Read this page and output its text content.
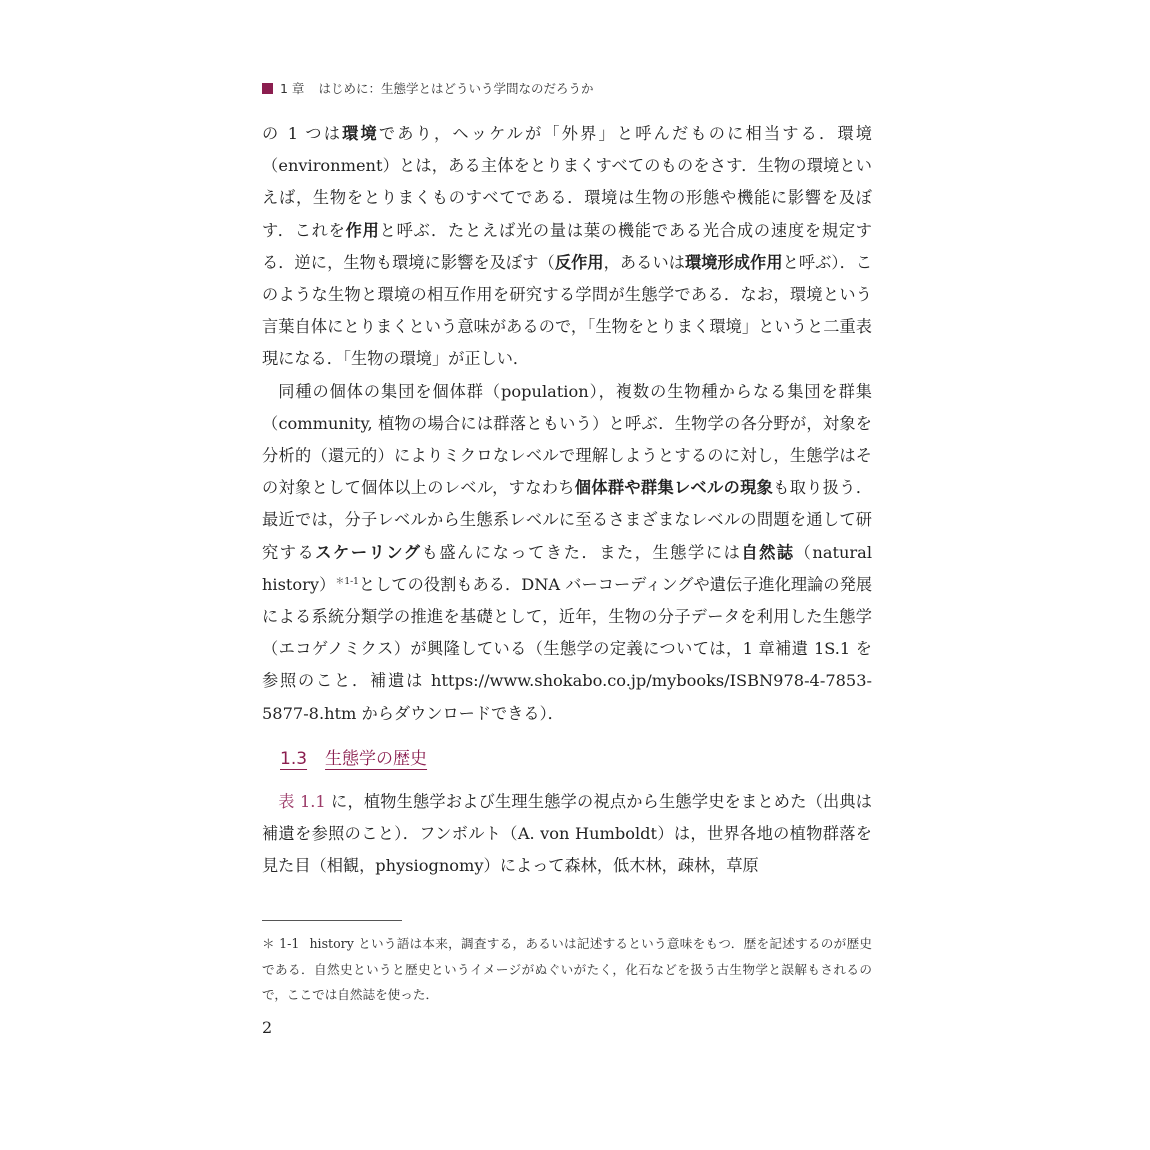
1 章 はじめに：生態学とはどういう学問なのだろうか

の 1 つは環境であり，ヘッケルが「外界」と呼んだものに相当する．環境（environment）とは，ある主体をとりまくすべてのものをさす．生物の環境といえば，生物をとりまくものすべてである．環境は生物の形態や機能に影響を及ぼす．これを作用と呼ぶ．たとえば光の量は葉の機能である光合成の速度を規定する．逆に，生物も環境に影響を及ぼす（反作用，あるいは環境形成作用と呼ぶ）．このような生物と環境の相互作用を研究する学問が生態学である．なお，環境という言葉自体にとりまくという意味があるので，「生物をとりまく環境」というと二重表現になる．「生物の環境」が正しい．

同種の個体の集団を個体群（population），複数の生物種からなる集団を群集（community, 植物の場合には群落ともいう）と呼ぶ．生物学の各分野が，対象を分析的（還元的）によりミクロなレベルで理解しようとするのに対し，生態学はその対象として個体以上のレベル，すなわち個体群や群集レベルの現象も取り扱う．最近では，分子レベルから生態系レベルに至るさまざまなレベルの問題を通して研究するスケーリングも盛んになってきた．また，生態学には自然誌（natural history）$^{*1-1}$としての役割もある．DNA バーコーディングや遺伝子進化理論の発展による系統分類学の推進を基礎として，近年，生物の分子データを利用した生態学（エコゲノミクス）が興隆している（生態学の定義については，1 章補遺 1S.1 を参照のこと．補遺は https://www.shokabo.co.jp/mybooks/ISBN978-4-7853-5877-8.htm からダウンロードできる）．

1.3 生態学の歴史

表 1.1 に，植物生態学および生理生態学の視点から生態学史をまとめた（出典は補遺を参照のこと）．フンボルト（A. von Humboldt）は，世界各地の植物群落を見た目（相観，physiognomy）によって森林，低木林，疎林，草原

＊ 1-1 history という語は本来，調査する，あるいは記述するという意味をもつ．歴を記述するのが歴史である．自然史というと歴史というイメージがぬぐいがたく，化石などを扱う古生物学と誤解もされるので，ここでは自然誌を使った．
2
